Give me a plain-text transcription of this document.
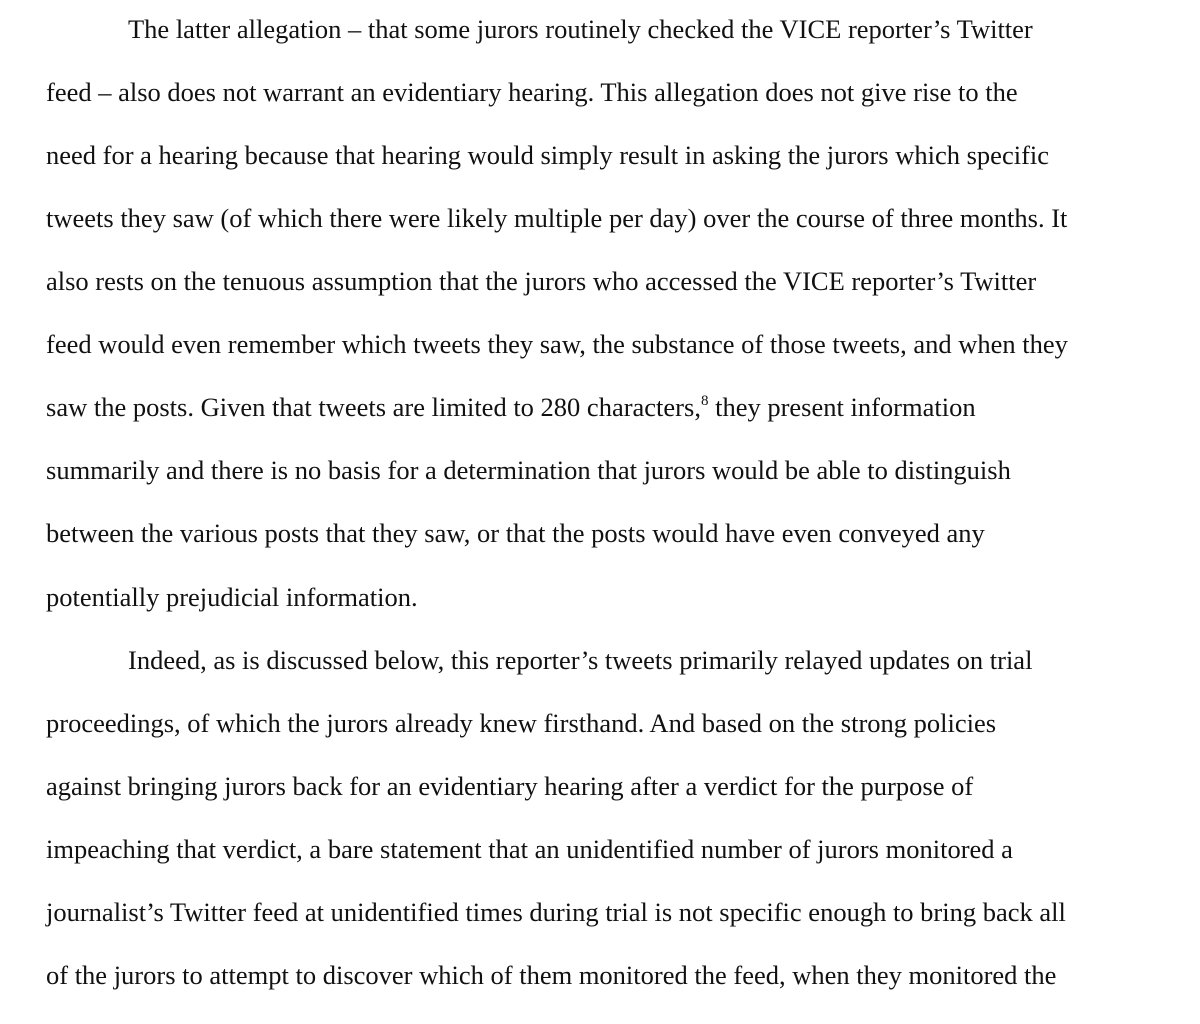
The latter allegation – that some jurors routinely checked the VICE reporter’s Twitter
feed – also does not warrant an evidentiary hearing. This allegation does not give rise to the
need for a hearing because that hearing would simply result in asking the jurors which specific
tweets they saw (of which there were likely multiple per day) over the course of three months. It
also rests on the tenuous assumption that the jurors who accessed the VICE reporter’s Twitter
feed would even remember which tweets they saw, the substance of those tweets, and when they
saw the posts. Given that tweets are limited to 280 characters,$^8$ they present information
summarily and there is no basis for a determination that jurors would be able to distinguish
between the various posts that they saw, or that the posts would have even conveyed any
potentially prejudicial information.
Indeed, as is discussed below, this reporter’s tweets primarily relayed updates on trial
proceedings, of which the jurors already knew firsthand. And based on the strong policies
against bringing jurors back for an evidentiary hearing after a verdict for the purpose of
impeaching that verdict, a bare statement that an unidentified number of jurors monitored a
journalist’s Twitter feed at unidentified times during trial is not specific enough to bring back all
of the jurors to attempt to discover which of them monitored the feed, when they monitored the
